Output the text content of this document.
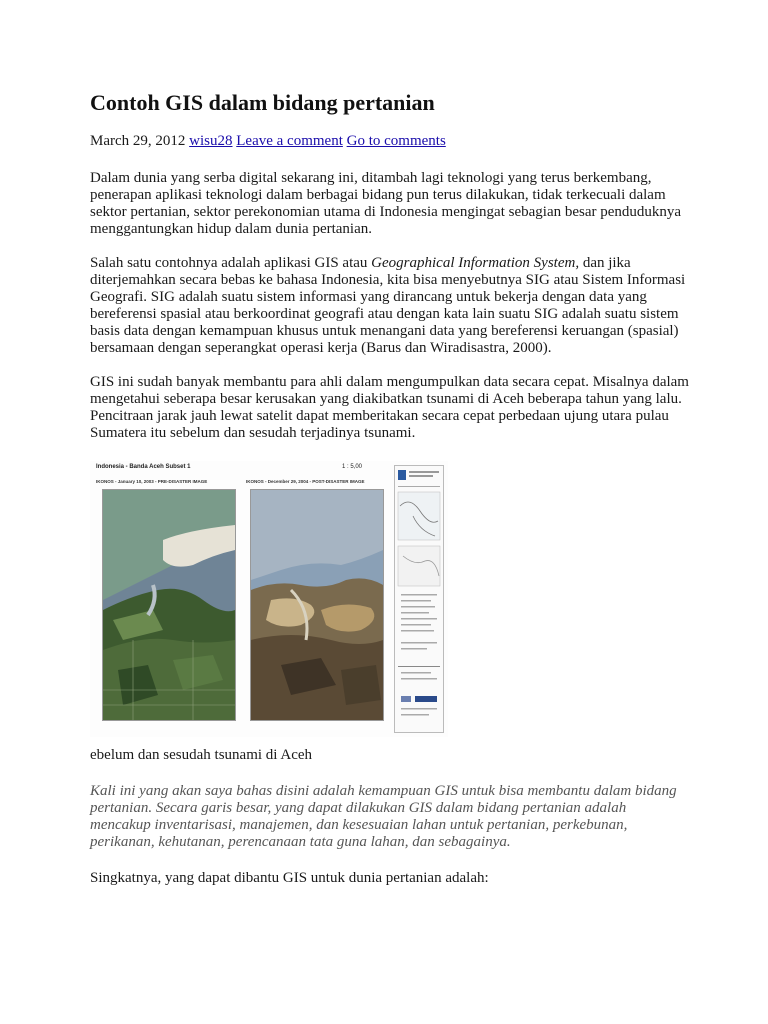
Contoh GIS dalam bidang pertanian
March 29, 2012 wisu28 Leave a comment Go to comments

Dalam dunia yang serba digital sekarang ini, ditambah lagi teknologi yang terus berkembang, penerapan aplikasi teknologi dalam berbagai bidang pun terus dilakukan, tidak terkecuali dalam sektor pertanian, sektor perekonomian utama di Indonesia mengingat sebagian besar penduduknya menggantungkan hidup dalam dunia pertanian.

Salah satu contohnya adalah aplikasi GIS atau Geographical Information System, dan jika diterjemahkan secara bebas ke bahasa Indonesia, kita bisa menyebutnya SIG atau Sistem Informasi Geografi. SIG adalah suatu sistem informasi yang dirancang untuk bekerja dengan data yang bereferensi spasial atau berkoordinat geografi atau dengan kata lain suatu SIG adalah suatu sistem basis data dengan kemampuan khusus untuk menangani data yang bereferensi keruangan (spasial) bersamaan dengan seperangkat operasi kerja (Barus dan Wiradisastra, 2000).

GIS ini sudah banyak membantu para ahli dalam mengumpulkan data secara cepat. Misalnya dalam mengetahui seberapa besar kerusakan yang diakibatkan tsunami di Aceh beberapa tahun yang lalu. Pencitraan jarak jauh lewat satelit dapat memberitakan secara cepat perbedaan ujung utara pulau Sumatera itu sebelum dan sesudah terjadinya tsunami.

Indonesia - Banda Aceh Subset 1	1 : 5,00
IKONOS - January 10, 2003 - PRE-DISASTER IMAGE	IKONOS - December 29, 2004 - POST-DISASTER IMAGE

ebelum dan sesudah tsunami di Aceh

Kali ini yang akan saya bahas disini adalah kemampuan GIS untuk bisa membantu dalam bidang pertanian. Secara garis besar, yang dapat dilakukan GIS dalam bidang pertanian adalah mencakup inventarisasi, manajemen, dan kesesuaian lahan untuk pertanian, perkebunan, perikanan, kehutanan, perencanaan tata guna lahan, dan sebagainya.

Singkatnya, yang dapat dibantu GIS untuk dunia pertanian adalah:
